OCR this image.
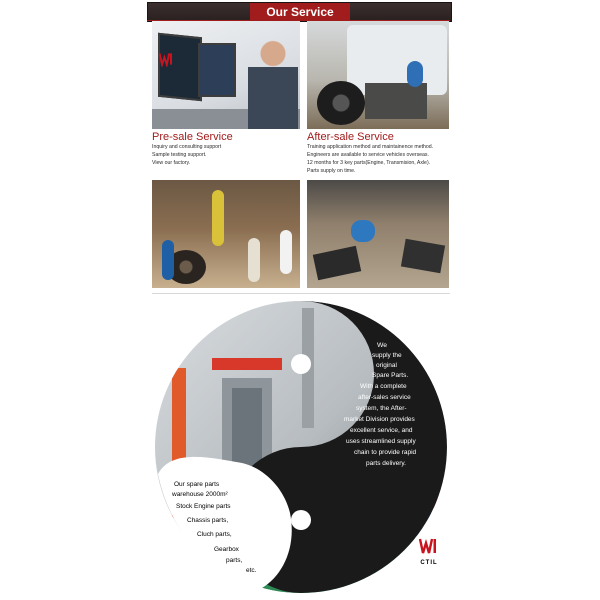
Our Service
Pre-sale Service
Inquiry and consulting support
Sample testing support.
View our factory.
After-sale Service
Training application method and maintainence method.
Engineers are available to service vehicles overseas.
12 months for 3 key parts(Engine, Transmision, Axle).
Parts supply on time.
We
supply the
original
Spare Parts.
With a complete
after-sales service
system, the After-
market Division provides
excellent service, and
uses streamlined supply
chain to provide rapid
parts delivery.
Our spare parts
warehouse 2000m²
Stock Engine parts
Chassis parts,
Cluch parts,
Gearbox
parts,
etc.
CTIL
